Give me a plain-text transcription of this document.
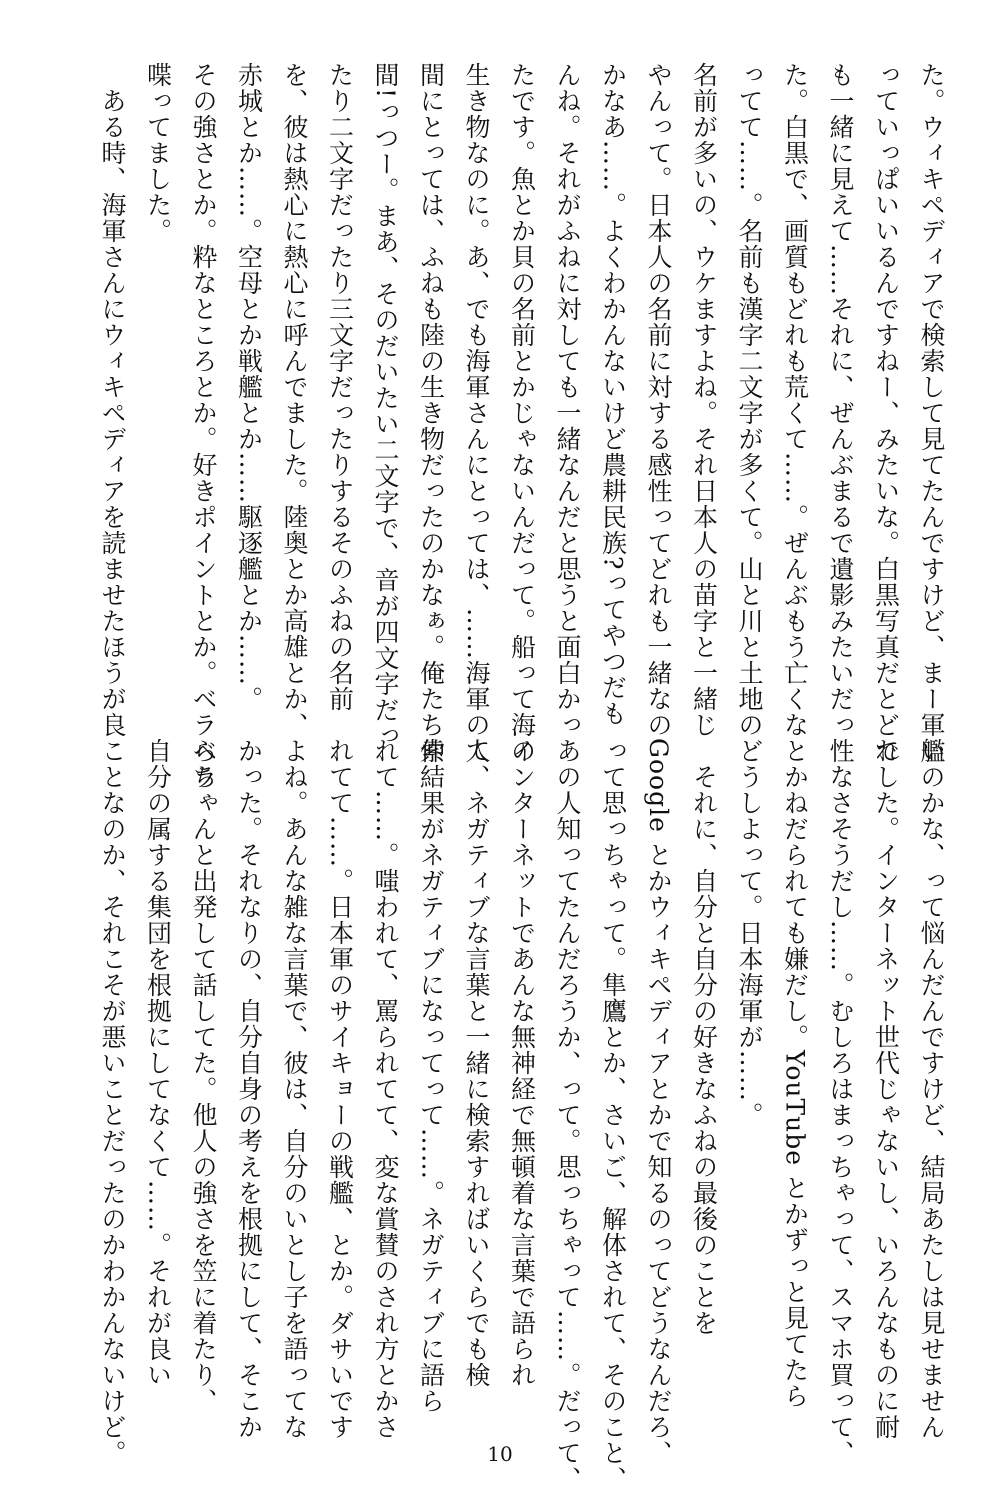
た。ウィキペディアで検索して見てたんですけど、まー軍艦
っていっぱいいるんですねー、みたいな。白黒写真だとどれ
も一緒に見えて……それに、ぜんぶまるで遺影みたいだっ
た。白黒で、画質もどれも荒くて……。ぜんぶもう亡くな
ってて……。名前も漢字二文字が多くて。山と川と土地の
名前が多いの、ウケますよね。それ日本人の苗字と一緒じ
やんって。日本人の名前に対する感性ってどれも一緒なの
かなあ……。よくわかんないけど農耕民族?ってやつだも
んね。それがふねに対しても一緒なんだと思うと面白かっ
たです。魚とか貝の名前とかじゃないんだって。船って海の
生き物なのに。あ、でも海軍さんにとっては、……海軍の人
間にとっては、ふねも陸の生き物だったのかなぁ。俺たち仲
間!っつー。まあ、そのだいたい二文字で、音が四文字だっ
たり二文字だったり三文字だったりするそのふねの名前
を、彼は熱心に熱心に呼んでました。陸奥とか高雄とか、
赤城とか……。空母とか戦艦とか……駆逐艦とか……。
その強さとか。粋なところとか。好きポイントとか。ベラベラ
喋ってました。
　ある時、海軍さんにウィキペディアを読ませたほうが良
いのかな、って悩んだんですけど、結局あたしは見せません
でした。インターネット世代じゃないし、いろんなものに耐
性なさそうだし……。むしろはまっちゃって、スマホ買って、
とかねだられても嫌だし。YouTube とかずっと見てたら
どうしよって。日本海軍が……。
　それに、自分と自分の好きなふねの最後のことを
Google とかウィキペディアとかで知るのってどうなんだろ、
って思っちゃって。隼鷹とか、さいご、解体されて、そのこと、
あの人知ってたんだろうか、って。思っちゃって……。だって、
インターネットであんな無神経で無頓着な言葉で語られ
て、ネガティブな言葉と一緒に検索すればいくらでも検
索結果がネガティブになってって……。ネガティブに語ら
れて……。嗤われて、罵られてて、変な賞賛のされ方とかさ
れてて……。日本軍のサイキョーの戦艦、とか。ダサいです
よね。あんな雑な言葉で、彼は、自分のいとし子を語ってな
かった。それなりの、自分自身の考えを根拠にして、そこか
らちゃんと出発して話してた。他人の強さを笠に着たり、
自分の属する集団を根拠にしてなくて……。それが良い
ことなのか、それこそが悪いことだったのかわかんないけど。	10
